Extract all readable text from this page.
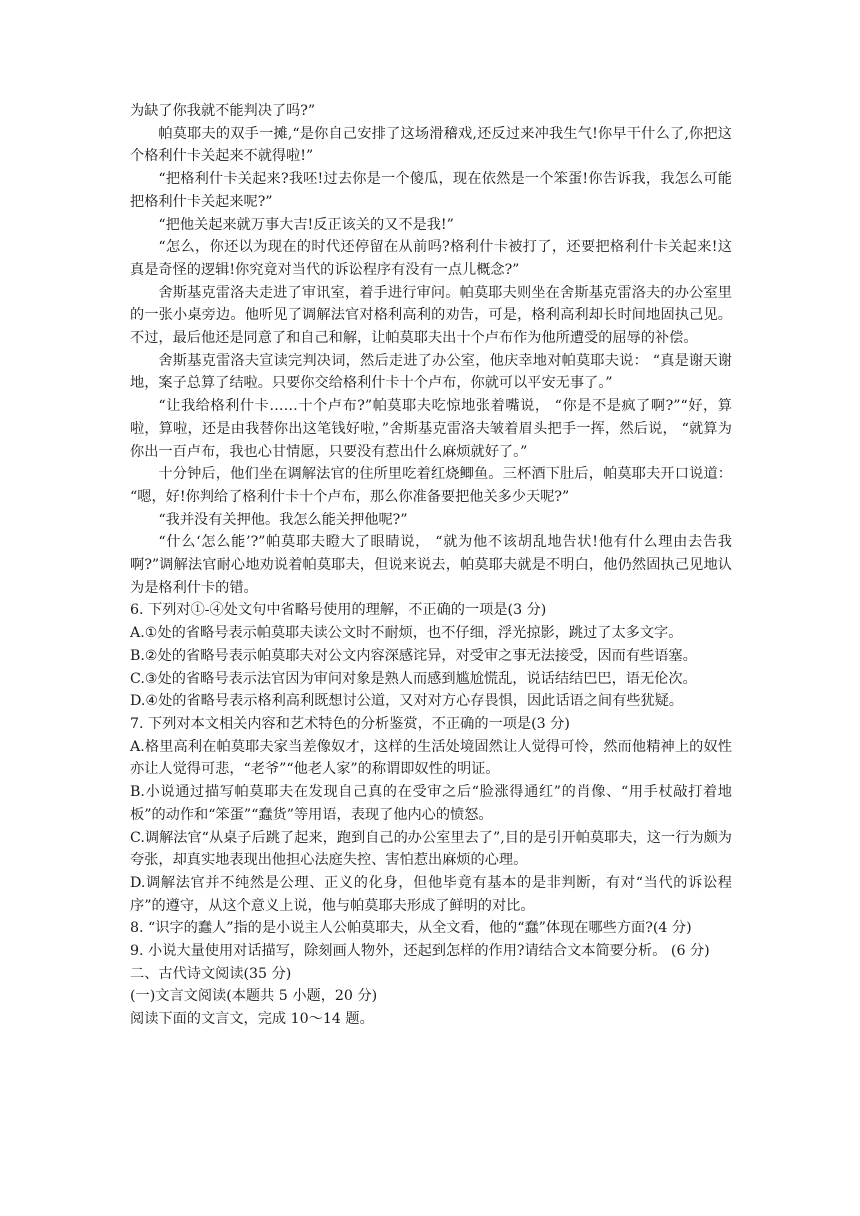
为缺了你我就不能判决了吗?”

帕莫耶夫的双手一摊,“是你自己安排了这场滑稽戏,还反过来冲我生气!你早干什么了,你把这个格利什卡关起来不就得啦!”

“把格利什卡关起来?我呸!过去你是一个傻瓜，现在依然是一个笨蛋!你告诉我，我怎么可能把格利什卡关起来呢?”

“把他关起来就万事大吉!反正该关的又不是我!”

“怎么，你还以为现在的时代还停留在从前吗?格利什卡被打了，还要把格利什卡关起来!这真是奇怪的逻辑!你究竟对当代的诉讼程序有没有一点儿概念?”

舍斯基克雷洛夫走进了审讯室，着手进行审问。帕莫耶夫则坐在舍斯基克雷洛夫的办公室里的一张小桌旁边。他听见了调解法官对格利高利的劝告，可是，格利高利却长时间地固执己见。不过，最后他还是同意了和自己和解，让帕莫耶夫出十个卢布作为他所遭受的屈辱的补偿。

舍斯基克雷洛夫宣读完判决词，然后走进了办公室，他庆幸地对帕莫耶夫说： “真是谢天谢地，案子总算了结啦。只要你交给格利什卡十个卢布，你就可以平安无事了。”

“让我给格利什卡……十个卢布?”帕莫耶夫吃惊地张着嘴说， “你是不是疯了啊?”“好，算啦，算啦，还是由我替你出这笔钱好啦，”舍斯基克雷洛夫皱着眉头把手一挥，然后说， “就算为你出一百卢布，我也心甘情愿，只要没有惹出什么麻烦就好了。”

十分钟后，他们坐在调解法官的住所里吃着红烧鲫鱼。三杯酒下肚后，帕莫耶夫开口说道： “嗯，好!你判给了格利什卡十个卢布，那么你准备要把他关多少天呢?”

“我并没有关押他。我怎么能关押他呢?”

“什么‘怎么能’?”帕莫耶夫瞪大了眼睛说， “就为他不该胡乱地告状!他有什么理由去告我啊?”调解法官耐心地劝说着帕莫耶夫，但说来说去，帕莫耶夫就是不明白，他仍然固执己见地认为是格利什卡的错。

6. 下列对①-④处文句中省略号使用的理解，不正确的一项是(3 分)

A.①处的省略号表示帕莫耶夫读公文时不耐烦，也不仔细，浮光掠影，跳过了太多文字。

B.②处的省略号表示帕莫耶夫对公文内容深感诧异，对受审之事无法接受，因而有些语塞。

C.③处的省略号表示法官因为审问对象是熟人而感到尴尬慌乱，说话结结巴巴，语无伦次。

D.④处的省略号表示格利高利既想讨公道，又对对方心存畏惧，因此话语之间有些犹疑。

7. 下列对本文相关内容和艺术特色的分析鉴赏，不正确的一项是(3 分)

A.格里高利在帕莫耶夫家当差像奴才，这样的生活处境固然让人觉得可怜，然而他精神上的奴性亦让人觉得可悲，“老爷”“他老人家”的称谓即奴性的明证。

B.小说通过描写帕莫耶夫在发现自己真的在受审之后“脸涨得通红”的肖像、“用手杖敲打着地板”的动作和“笨蛋”“蠢货”等用语，表现了他内心的愤怒。

C.调解法官“从桌子后跳了起来，跑到自己的办公室里去了”,目的是引开帕莫耶夫，这一行为颇为夸张，却真实地表现出他担心法庭失控、害怕惹出麻烦的心理。

D.调解法官并不纯然是公理、正义的化身，但他毕竟有基本的是非判断，有对“当代的诉讼程序”的遵守，从这个意义上说，他与帕莫耶夫形成了鲜明的对比。

8. “识字的蠢人”指的是小说主人公帕莫耶夫，从全文看，他的“蠢”体现在哪些方面?(4 分)

9. 小说大量使用对话描写，除刻画人物外，还起到怎样的作用?请结合文本简要分析。 (6 分)

二、古代诗文阅读(35 分)

(一)文言文阅读(本题共 5 小题，20 分)

阅读下面的文言文，完成 10～14 题。
